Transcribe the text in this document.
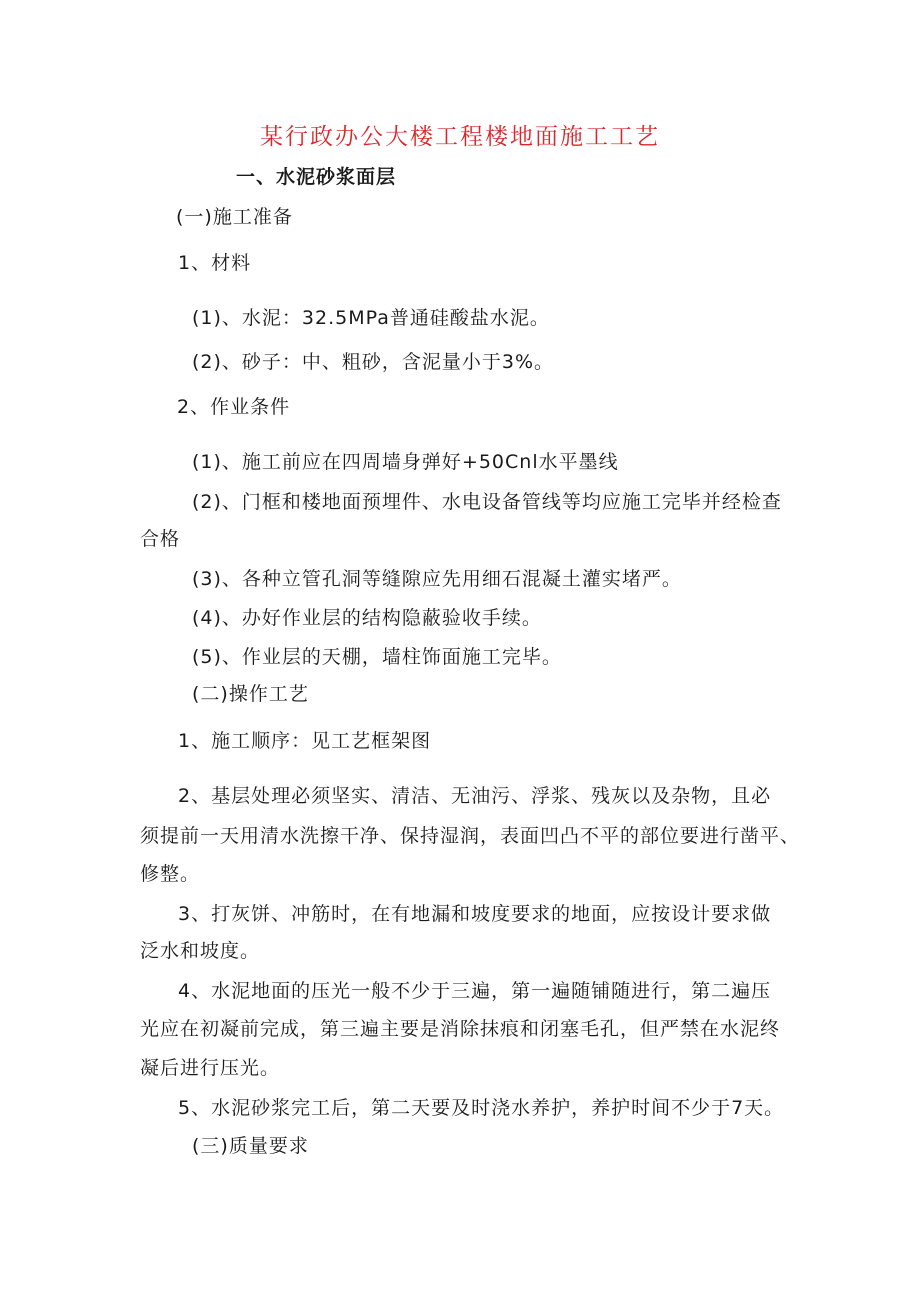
某行政办公大楼工程楼地面施工工艺
一、水泥砂浆面层
(一)施工准备
1、材料
(1)、水泥：32.5MPa普通硅酸盐水泥。
(2)、砂子：中、粗砂，含泥量小于3%。
2、作业条件
(1)、施工前应在四周墙身弹好+50Cnl水平墨线
(2)、门框和楼地面预埋件、水电设备管线等均应施工完毕并经检查
合格
(3)、各种立管孔洞等缝隙应先用细石混凝土灌实堵严。
(4)、办好作业层的结构隐蔽验收手续。
(5)、作业层的天棚，墙柱饰面施工完毕。
(二)操作工艺
1、施工顺序：见工艺框架图
2、基层处理必须坚实、清洁、无油污、浮浆、残灰以及杂物，且必
须提前一天用清水洗擦干净、保持湿润，表面凹凸不平的部位要进行凿平、
修整。
3、打灰饼、冲筋时，在有地漏和坡度要求的地面，应按设计要求做
泛水和坡度。
4、水泥地面的压光一般不少于三遍，第一遍随铺随进行，第二遍压
光应在初凝前完成，第三遍主要是消除抹痕和闭塞毛孔，但严禁在水泥终
凝后进行压光。
5、水泥砂浆完工后，第二天要及时浇水养护，养护时间不少于7天。
(三)质量要求
